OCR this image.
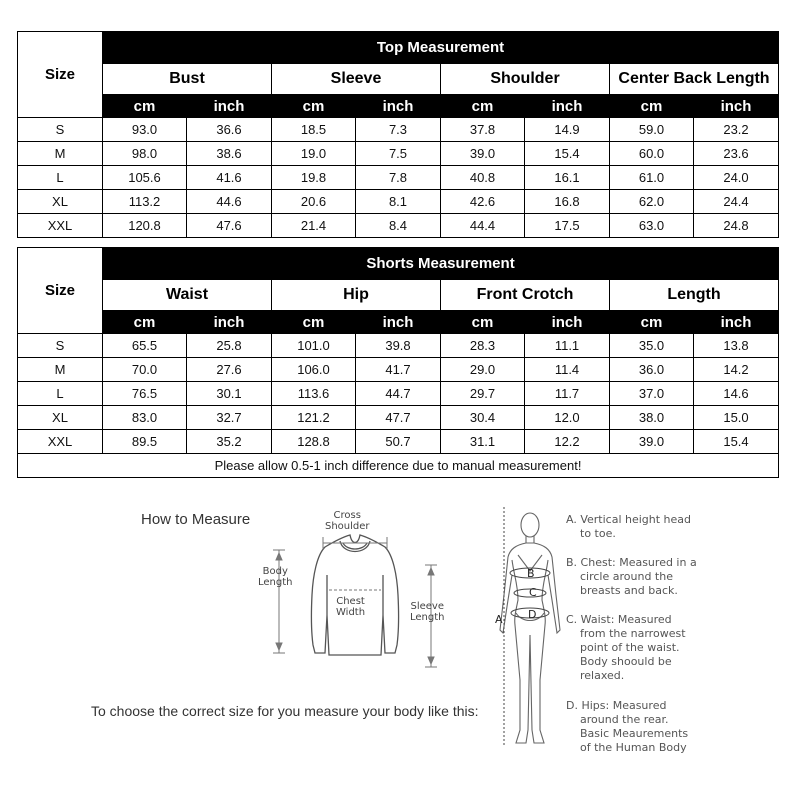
Size	Top Measurement							
	Bust		Sleeve		Shoulder		Center Back Length	
	cm	inch	cm	inch	cm	inch	cm	inch
S	93.0	36.6	18.5	7.3	37.8	14.9	59.0	23.2
M	98.0	38.6	19.0	7.5	39.0	15.4	60.0	23.6
L	105.6	41.6	19.8	7.8	40.8	16.1	61.0	24.0
XL	113.2	44.6	20.6	8.1	42.6	16.8	62.0	24.4
XXL	120.8	47.6	21.4	8.4	44.4	17.5	63.0	24.8
Size	Shorts Measurement							
	Waist		Hip		Front Crotch		Length	
	cm	inch	cm	inch	cm	inch	cm	inch
S	65.5	25.8	101.0	39.8	28.3	11.1	35.0	13.8
M	70.0	27.6	106.0	41.7	29.0	11.4	36.0	14.2
L	76.5	30.1	113.6	44.7	29.7	11.7	37.0	14.6
XL	83.0	32.7	121.2	47.7	30.4	12.0	38.0	15.0
XXL	89.5	35.2	128.8	50.7	31.1	12.2	39.0	15.4
Please allow 0.5-1 inch difference due to manual measurement!								
How to Measure	Cross
Shoulder
Body
Length
Chest
Width
Sleeve
Length
To choose the correct size for you measure your body like this:
B
C
D
A
A. Vertical height head
to toe.
B. Chest: Measured in a
circle around the
breasts and back.
C. Waist: Measured
from the narrowest
point of the waist.
Body shoould be
relaxed.
D. Hips: Measured
around the rear.
Basic Meaurements
of the Human Body
